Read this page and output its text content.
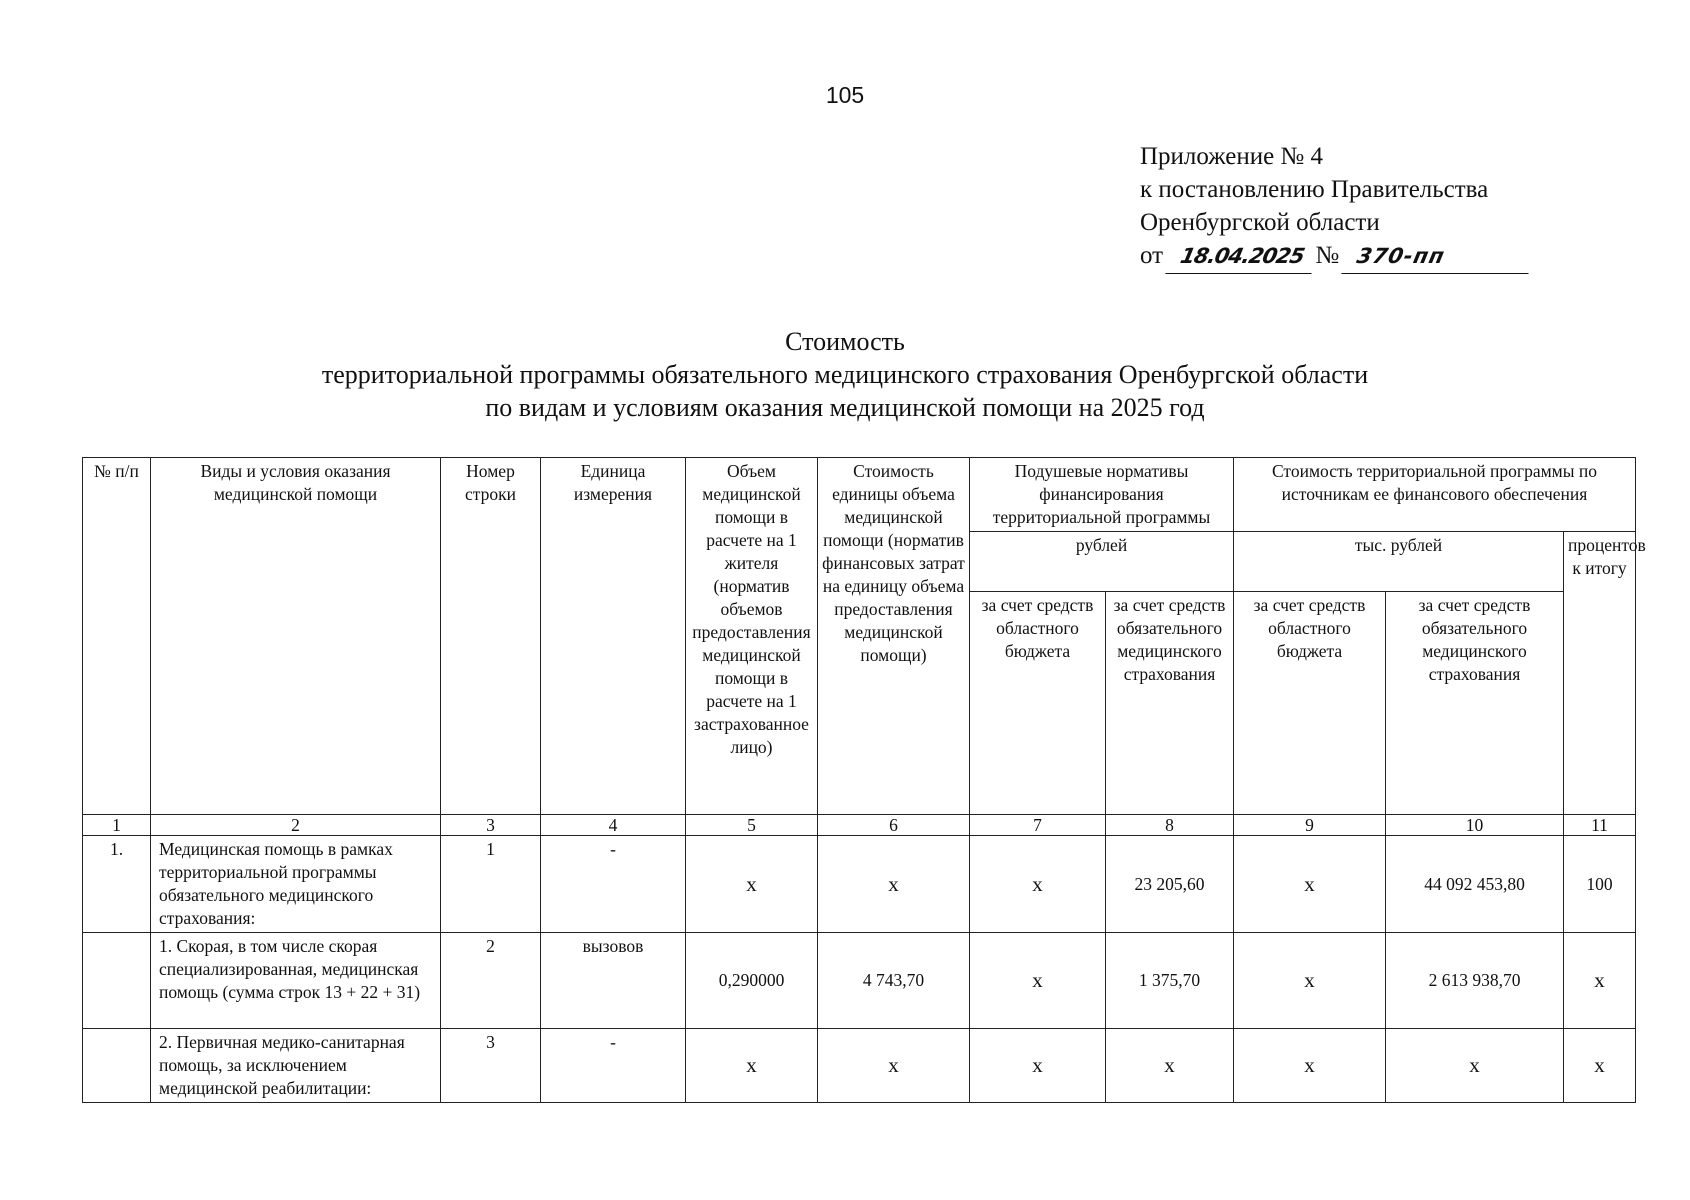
105
Приложение № 4
к постановлению Правительства
Оренбургской области
от 18.04.2025 № 370-пп
Стоимость
территориальной программы обязательного медицинского страхования Оренбургской области
по видам и условиям оказания медицинской помощи на 2025 год
№ п/п	Виды и условия оказания медицинской помощи	Номер строки	Единица измерения	Объем медицинской помощи в расчете на 1 жителя (норматив объемов предоставления медицинской помощи в расчете на 1 застрахованное лицо)	Стоимость единицы объема медицинской помощи (норматив финансовых затрат на единицу объема предоставления медицинской помощи)	Подушевые нормативы финансирования территориальной программы		Стоимость территориальной программы по источникам ее финансового обеспечения		
						рублей		тыс. рублей		процентов к итогу
						за счет средств областного бюджета	за счет средств обязательного медицинского страхования	за счет средств областного бюджета	за счет средств обязательного медицинского страхования	
1	2	3	4	5	6	7	8	9	10	11
1.	Медицинская помощь в рамках территориальной программы обязательного медицинского страхования:	1	-	х	х	х	23 205,60	х	44 092 453,80	100
	1. Скорая, в том числе скорая специализированная, медицинская помощь (сумма строк 13 + 22 + 31)	2	вызовов	0,290000	4 743,70	х	1 375,70	х	2 613 938,70	х
	2. Первичная медико-санитарная помощь, за исключением медицинской реабилитации:	3	-	х	х	х	х	х	х	х
